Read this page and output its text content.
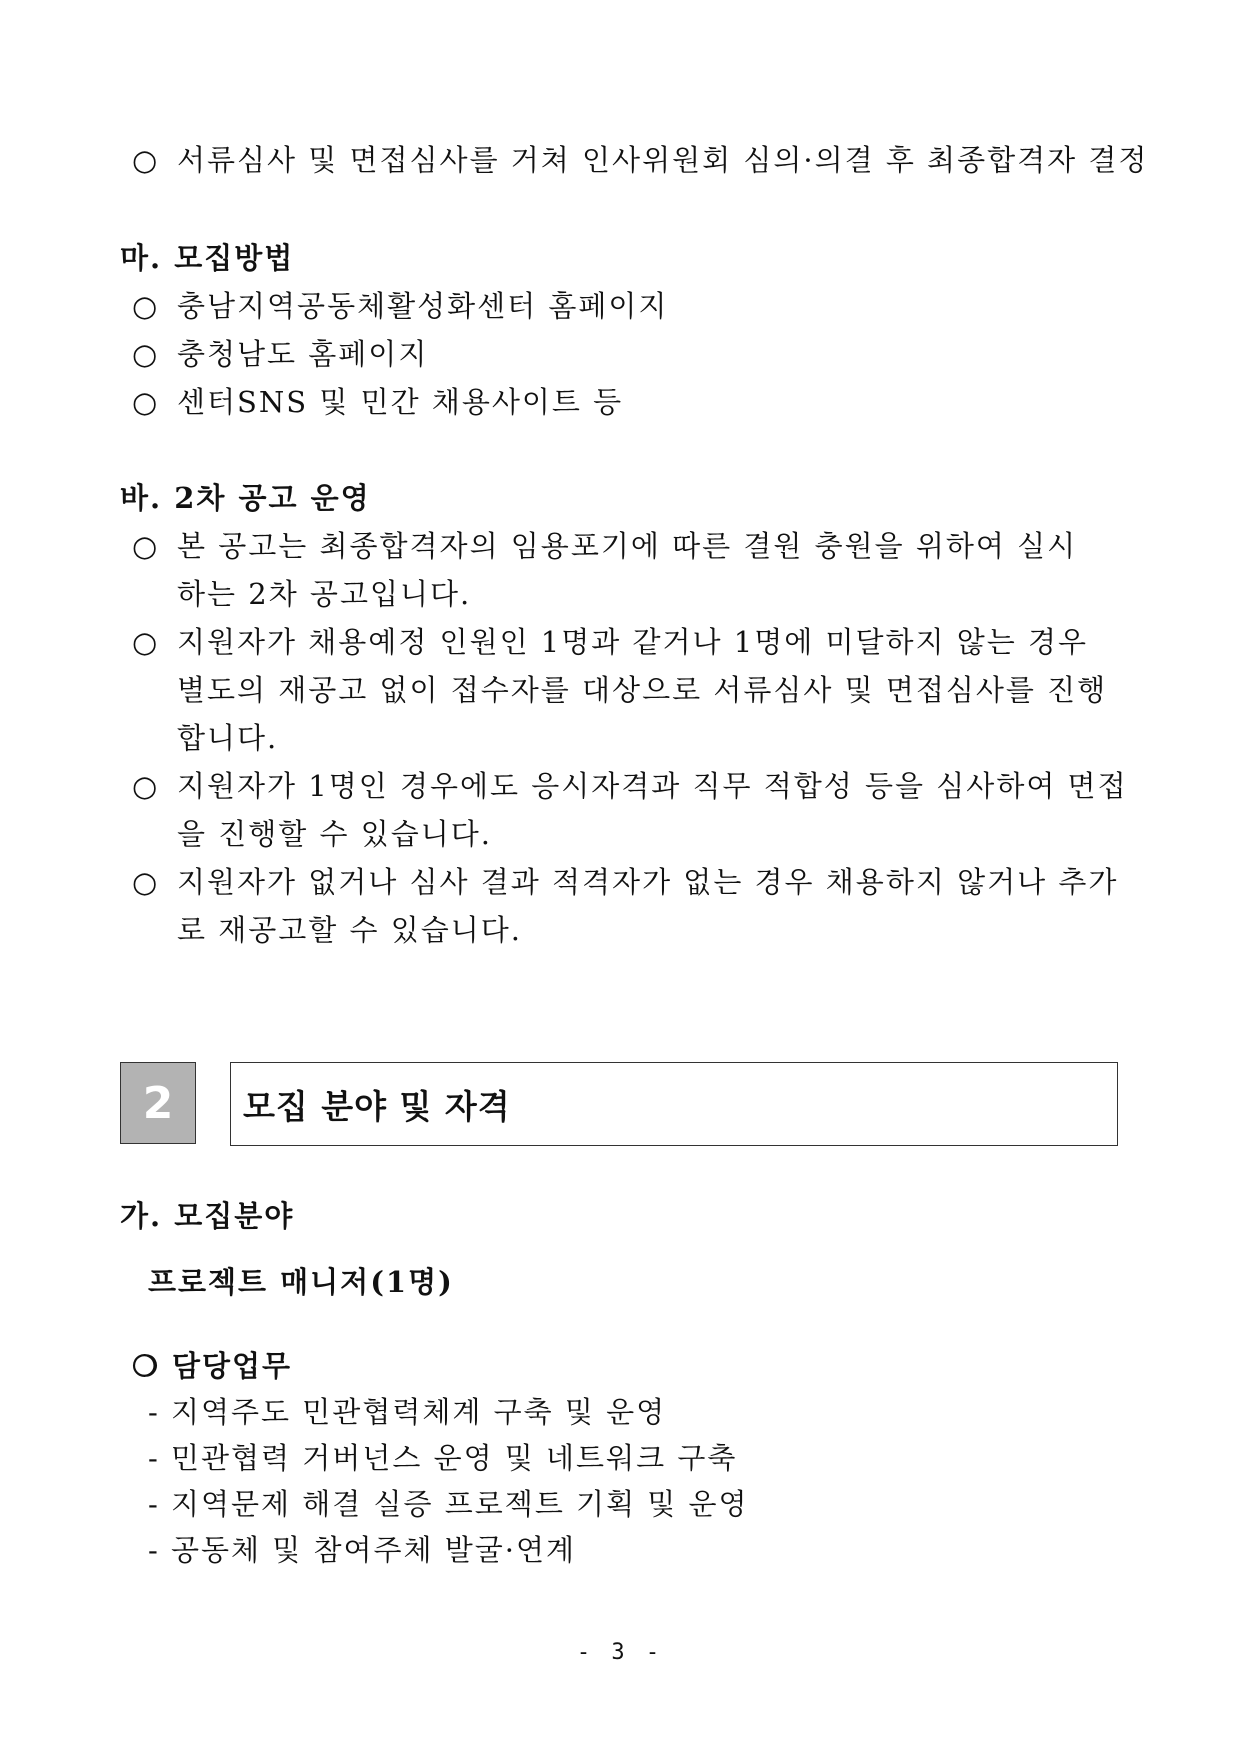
○ 서류심사 및 면접심사를 거쳐 인사위원회 심의·의결 후 최종합격자 결정
마. 모집방법
○ 충남지역공동체활성화센터 홈페이지
○ 충청남도 홈페이지
○ 센터SNS 및 민간 채용사이트 등
바. 2차 공고 운영
○ 본 공고는 최종합격자의 임용포기에 따른 결원 충원을 위하여 실시
하는 2차 공고입니다.
○ 지원자가 채용예정 인원인 1명과 같거나 1명에 미달하지 않는 경우
별도의 재공고 없이 접수자를 대상으로 서류심사 및 면접심사를 진행
합니다.
○ 지원자가 1명인 경우에도 응시자격과 직무 적합성 등을 심사하여 면접
을 진행할 수 있습니다.
○ 지원자가 없거나 심사 결과 적격자가 없는 경우 채용하지 않거나 추가
로 재공고할 수 있습니다.
2	모집 분야 및 자격
가. 모집분야
프로젝트 매니저(1명)
❍ 담당업무
- 지역주도 민관협력체계 구축 및 운영
- 민관협력 거버넌스 운영 및 네트워크 구축
- 지역문제 해결 실증 프로젝트 기획 및 운영
- 공동체 및 참여주체 발굴·연계
- 3 -
